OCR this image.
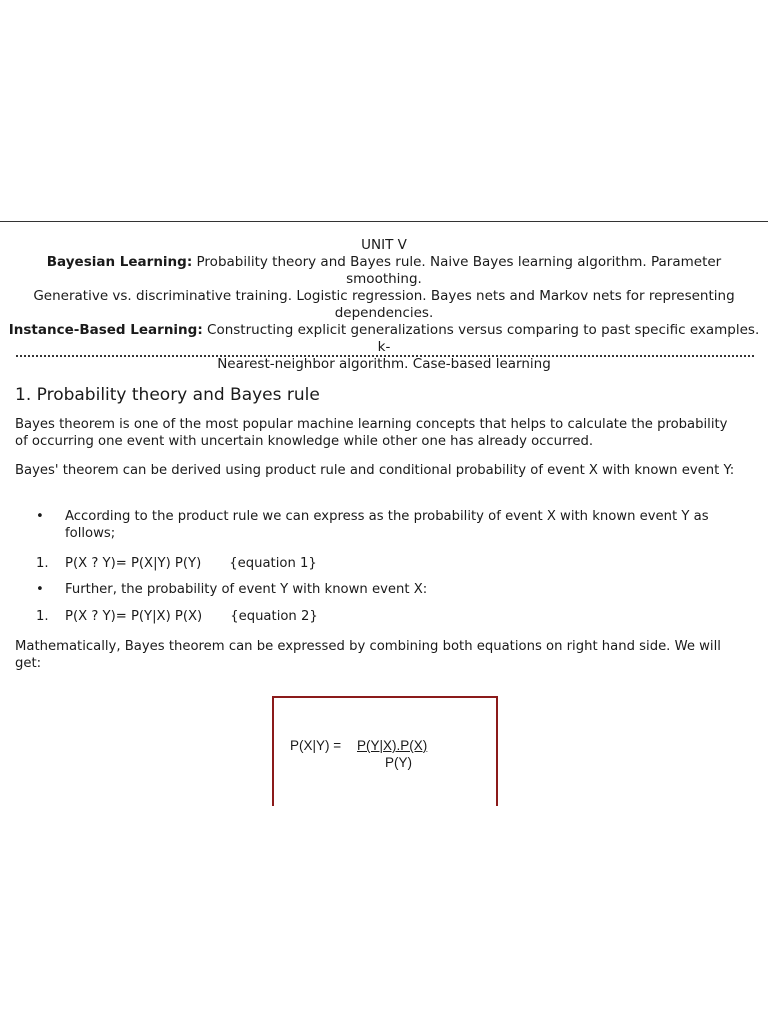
UNIT V
Bayesian Learning: Probability theory and Bayes rule. Naive Bayes learning algorithm. Parameter smoothing.
Generative vs. discriminative training. Logistic regression. Bayes nets and Markov nets for representing
dependencies.
Instance-Based Learning: Constructing explicit generalizations versus comparing to past specific examples. k-
Nearest-neighbor algorithm. Case-based learning
1. Probability theory and Bayes rule

Bayes theorem is one of the most popular machine learning concepts that helps to calculate the probability of occurring one event with uncertain knowledge while other one has already occurred.

Bayes' theorem can be derived using product rule and conditional probability of event X with known event Y:

•	According to the product rule we can express as the probability of event X with known event Y as follows;
1.	P(X ? Y)= P(X|Y) P(Y) {equation 1}
•	Further, the probability of event Y with known event X:
1.	P(X ? Y)= P(Y|X) P(X) {equation 2}

Mathematically, Bayes theorem can be expressed by combining both equations on right hand side. We will get:

P(X|Y) = P(Y|X).P(X)
P(Y)
